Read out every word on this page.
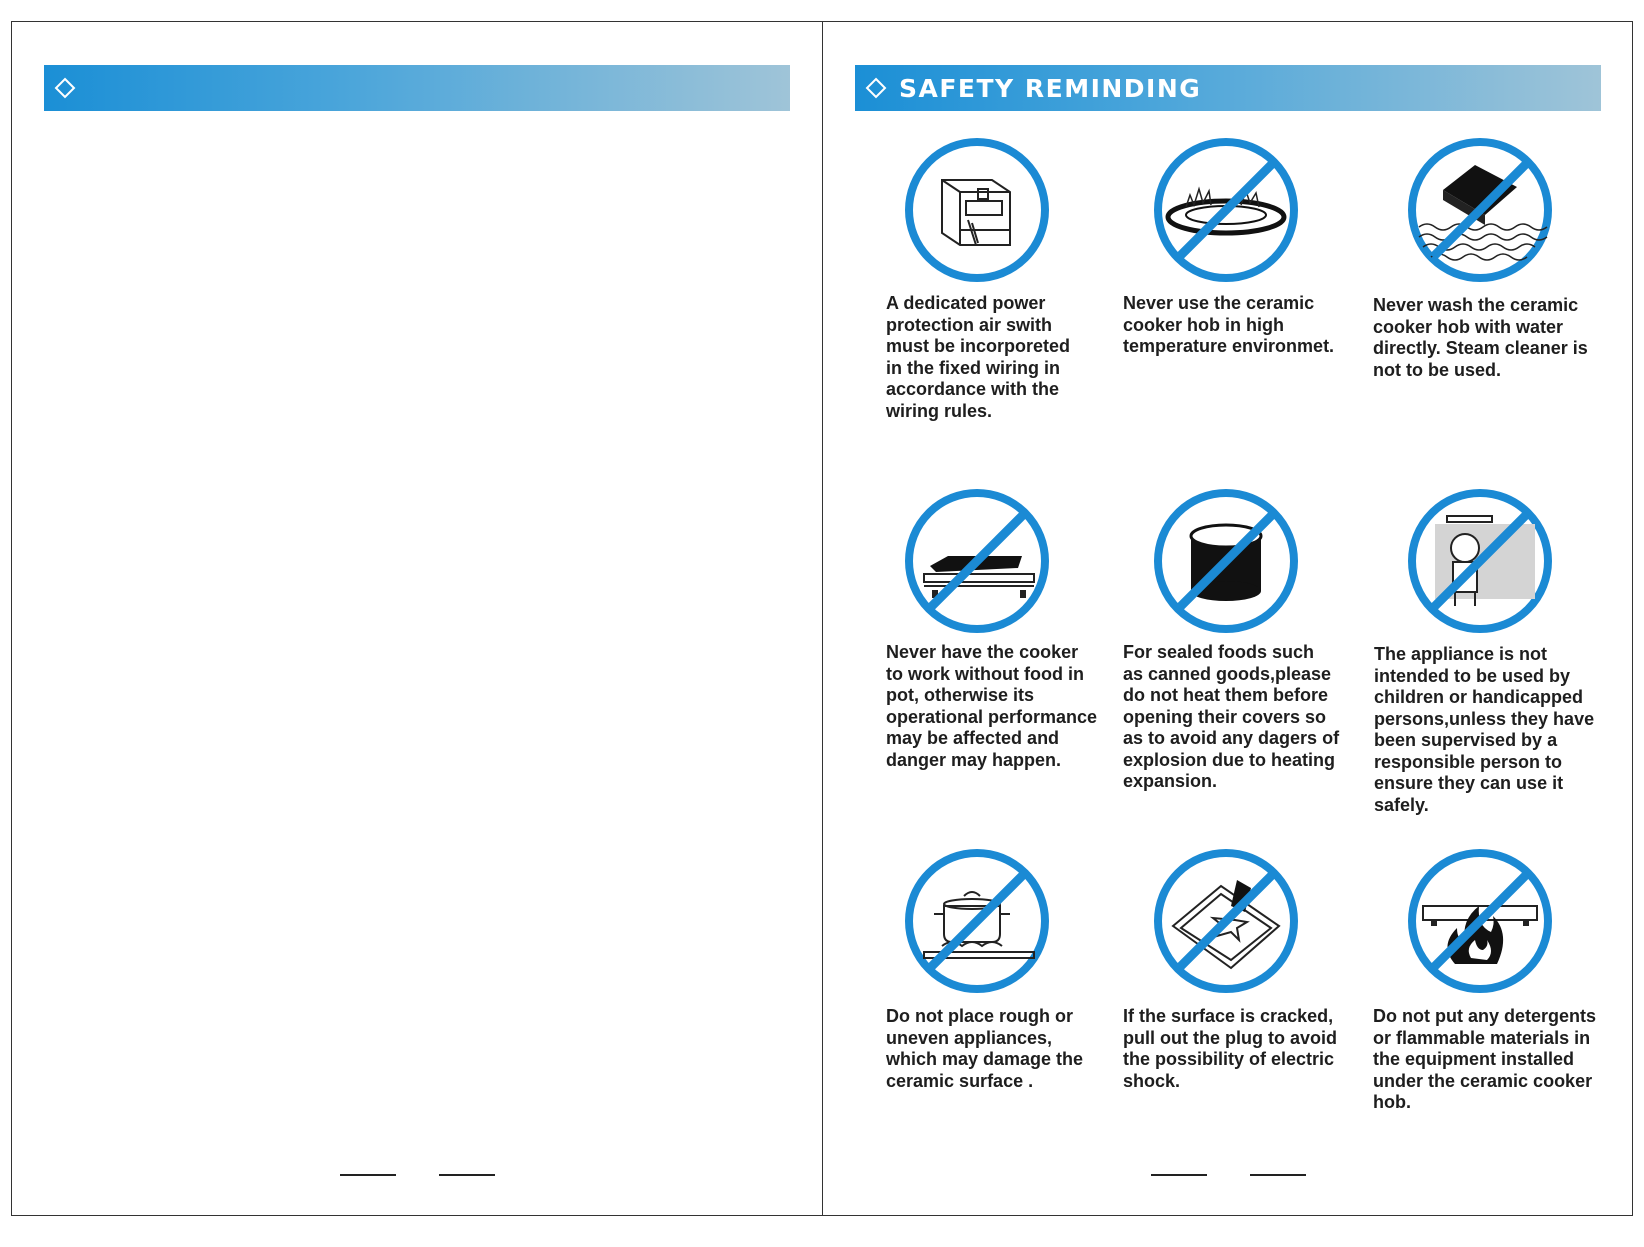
SAFETY REMINDING
A dedicated power
protection air swith
must be incorporeted
in the fixed wiring in
accordance with the
wiring rules.
Never use the ceramic
cooker hob in high
temperature environmet.
Never wash the ceramic
cooker hob with water
directly. Steam cleaner is
not to be used.
Never have the cooker
to work without food in
pot, otherwise its
operational performance
may be affected and
danger may happen.
For sealed foods such
as canned goods,please
do not heat them before
opening their covers so
as to avoid any dagers of
explosion due to heating
expansion.
The appliance is not
intended to be used by
children or handicapped
persons,unless they have
been supervised by a
responsible person to
ensure they can use it
safely.
Do not place rough or
uneven appliances,
which may damage the
ceramic surface .
If the surface is cracked,
pull out the plug to avoid
the possibility of electric
shock.
Do not put any detergents
or flammable materials in
the equipment installed
under the ceramic cooker
hob.
